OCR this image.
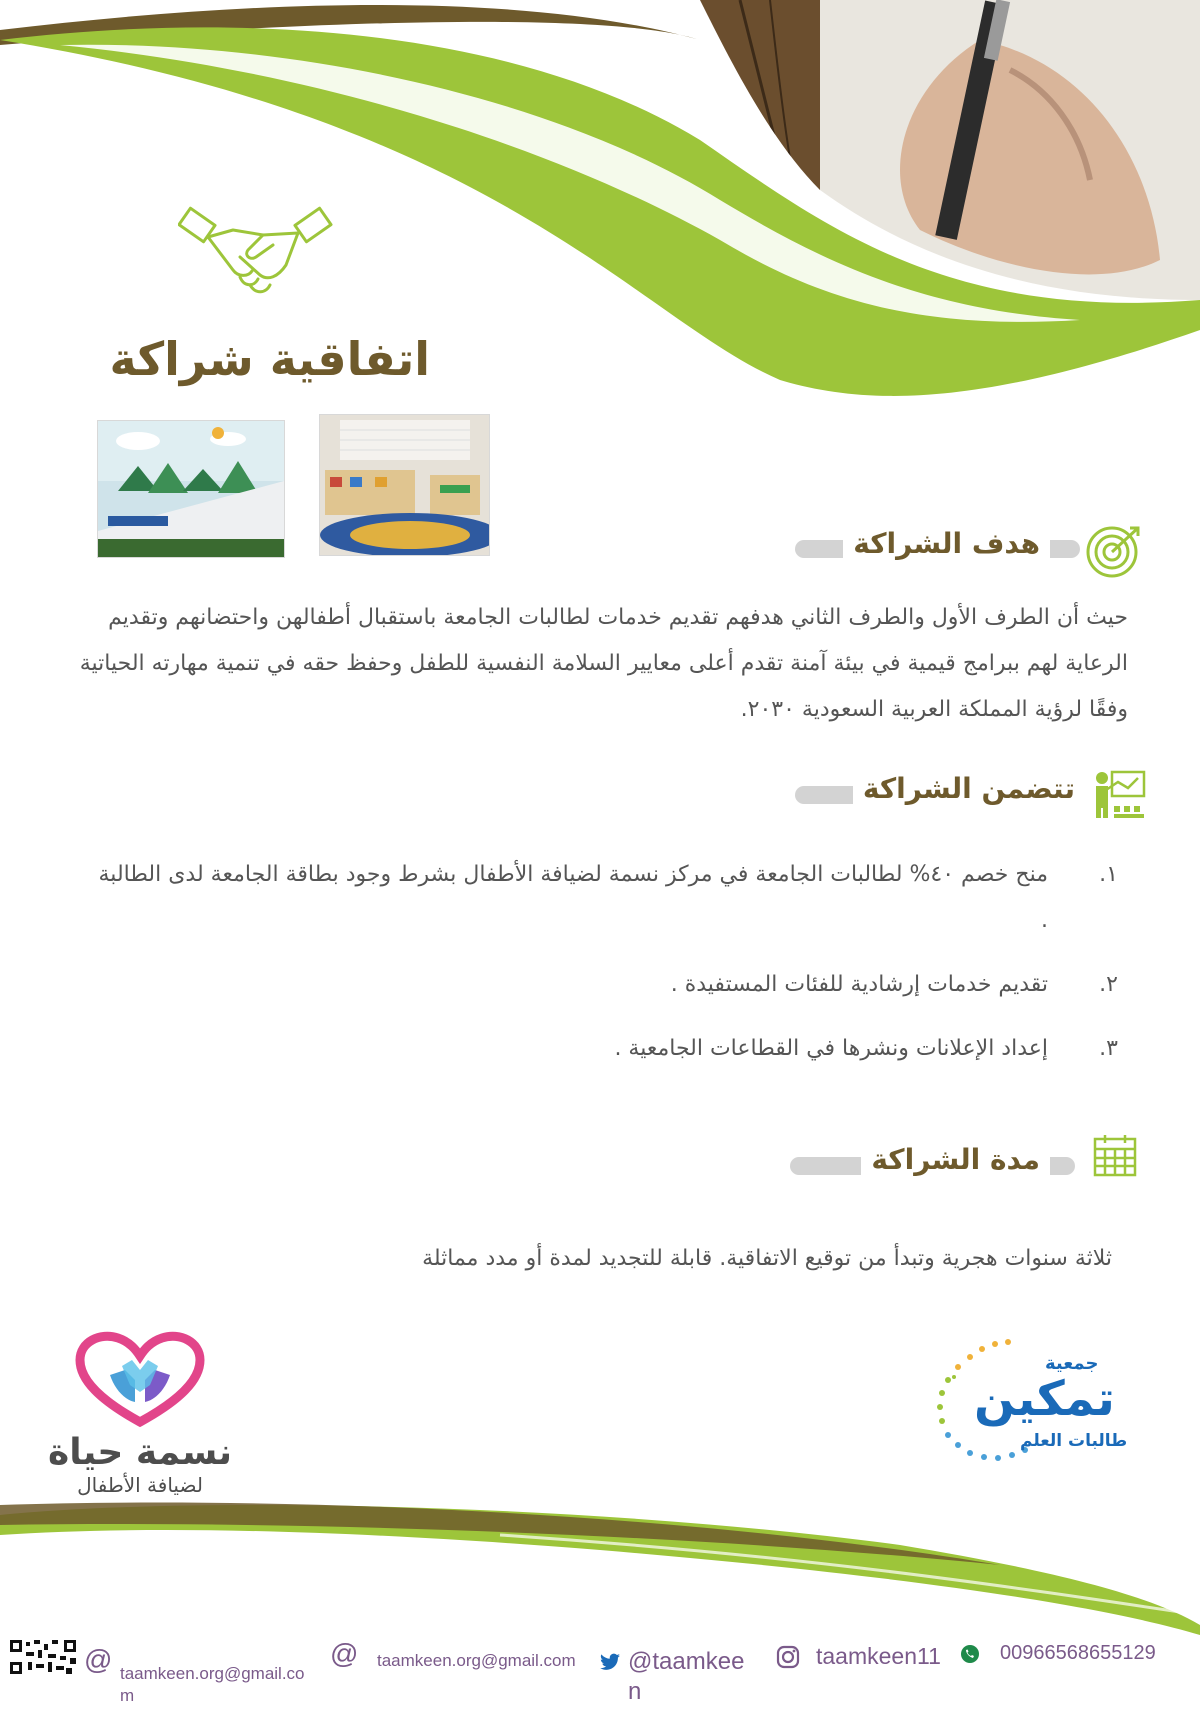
اتفاقية شراكة
هدف الشراكة
حيث أن الطرف الأول والطرف الثاني هدفهم تقديم خدمات لطالبات الجامعة باستقبال أطفالهن واحتضانهم وتقديم الرعاية لهم ببرامج قيمية في بيئة آمنة تقدم أعلى معايير السلامة النفسية للطفل وحفظ حقه في تنمية مهارته الحياتية وفقًا لرؤية المملكة العربية السعودية ٢٠٣٠.
تتضمن الشراكة
١.
منح خصم ٤٠% لطالبات الجامعة في مركز نسمة لضيافة الأطفال بشرط وجود بطاقة الجامعة لدى الطالبة .
٢.
تقديم خدمات إرشادية للفئات المستفيدة .
٣.
إعداد الإعلانات ونشرها في القطاعات الجامعية .
مدة الشراكة
ثلاثة سنوات هجرية وتبدأ من توقيع الاتفاقية. قابلة للتجديد لمدة أو مدد مماثلة
نسمة حياة
لضيافة الأطفال
جمعية
تمكين
طالبات العلم
@ taamkeen.org@gmail.co
m
@ taamkeen.org@gmail.com @taamkee
n
taamkeen11	00966568655129
